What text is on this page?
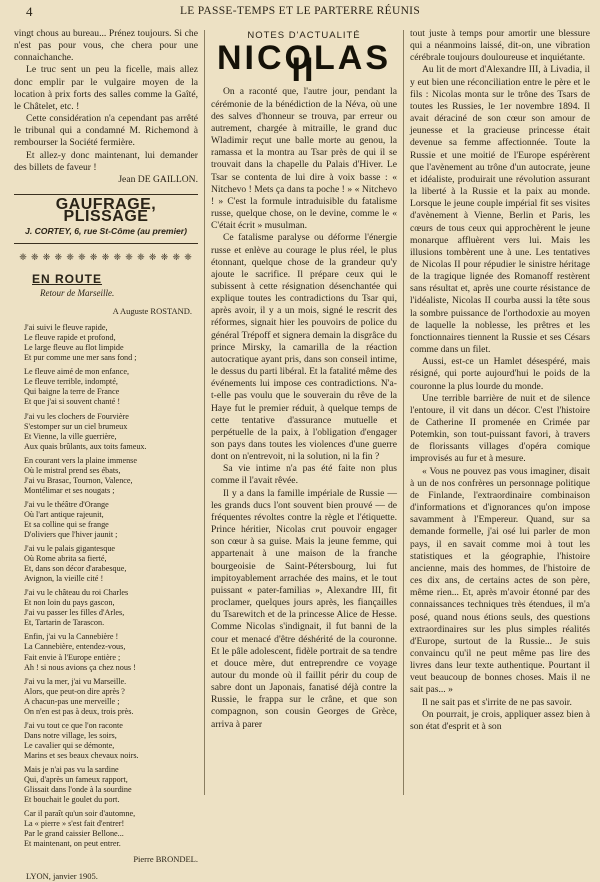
4	LE PASSE-TEMPS ET LE PARTERRE RÉUNIS

vingt chous au bureau... Prénez toujours. Si che n'est pas pour vous, che chera pour une connaichanche.

Le truc sent un peu la ficelle, mais allez donc emplir par le vulgaire moyen de la location à prix forts des salles comme la Gaîté, le Châtelet, etc. !

Cette considération n'a cependant pas arrêté le tribunal qui a condamné M. Richemond à rembourser la Société fermière.

Et allez-y donc maintenant, lui demander des billets de faveur !

Jean DE GAILLON.

GAUFRAGE, PLISSAGE
J. CORTEY, 6, rue St-Côme (au premier)
❈ ❈ ❈ ❈ ❈ ❈ ❈ ❈ ❈ ❈ ❈ ❈ ❈ ❈ ❈
EN ROUTE
Retour de Marseille.
A Auguste ROSTAND.
J'ai suivi le fleuve rapide,
Le fleuve rapide et profond,
Le large fleuve au flot limpide
Et pur comme une mer sans fond ;
Le fleuve aimé de mon enfance,
Le fleuve terrible, indompté,
Qui baigne la terre de France
Et que j'ai si souvent chanté !
J'ai vu les clochers de Fourvière
S'estomper sur un ciel brumeux
Et Vienne, la ville guerrière,
Aux quais brûlants, aux toits fameux.
En courant vers la plaine immense
Où le mistral prend ses ébats,
J'ai vu Brasac, Tournon, Valence,
Montélimar et ses nougats ;
J'ai vu le théâtre d'Orange
Où l'art antique rajeunit,
Et sa colline qui se frange
D'oliviers que l'hiver jaunit ;
J'ai vu le palais gigantesque
Où Rome abrita sa fierté,
Et, dans son décor d'arabesque,
Avignon, la vieille cité !
J'ai vu le château du roi Charles
Et non loin du pays gascon,
J'ai vu passer les filles d'Arles,
Et, Tartarin de Tarascon.
Enfin, j'ai vu la Cannebière !
La Cannebière, entendez-vous,
Fait envie à l'Europe entière ;
Ah ! si nous avions ça chez nous !
J'ai vu la mer, j'ai vu Marseille.
Alors, que peut-on dire après ?
A chacun-pas une merveille ;
On n'en est pas à deux, trois près.
J'ai vu tout ce que l'on raconte
Dans notre village, les soirs,
Le cavalier qui se démonte,
Marins et ses beaux chevaux noirs.
Mais je n'ai pas vu la sardine
Qui, d'après un fameux rapport,
Glissait dans l'onde à la sourdine
Et bouchait le goulet du port.
Car il paraît qu'un soir d'automne,
La « pierre » s'est fait d'entrer!
Par le grand caissier Bellone...
Et maintenant, on peut entrer.
Pierre BRONDEL.
LYON, janvier 1905.
NOTES D'ACTUALITÉ
NICOLAS II

On a raconté que, l'autre jour, pendant la cérémonie de la bénédiction de la Néva, où une des salves d'honneur se trouva, par erreur ou autrement, chargée à mitraille, le grand duc Wladimir reçut une balle morte au genou, la ramassa et la montra au Tsar près de qui il se trouvait dans la chapelle du Palais d'Hiver. Le Tsar se contenta de lui dire à voix basse : « Nitchevo ! Mets ça dans ta poche ! » « Nitchevo ! » C'est la formule intraduisible du fatalisme russe, quelque chose, on le devine, comme le « C'était écrit » musulman.

Ce fatalisme paralyse ou déforme l'énergie russe et enlève au courage le plus réel, le plus étonnant, quelque chose de la grandeur qu'y ajoute le sacrifice. Il prépare ceux qui le subissent à cette résignation désenchantée qui explique toutes les contradictions du Tsar qui, après avoir, il y a un mois, signé le rescrit des réformes, signait hier les pouvoirs de police du général Trépoff et signera demain la disgrâce du prince Mirsky, la camarilla de la réaction autocratique ayant pris, dans son conseil intime, le dessus du parti libéral. Et la fatalité même des événements lui impose ces contradictions. N'a-t-elle pas voulu que le souverain du rêve de la Haye fut le premier réduit, à quelque temps de cette tentative d'assurance mutuelle et perpétuelle de la paix, à l'obligation d'engager son pays dans toutes les violences d'une guerre dont on n'entrevoit, ni la solution, ni la fin ?

Sa vie intime n'a pas été faite non plus comme il l'avait rêvée.

Il y a dans la famille impériale de Russie — les grands ducs l'ont souvent bien prouvé — de fréquentes révoltes contre la règle et l'étiquette. Prince héritier, Nicolas crut pouvoir engager son cœur à sa guise. Mais la jeune femme, qui appartenait à une maison de la franche bourgeoisie de Saint-Pétersbourg, lui fut impitoyablement arrachée des mains, et le tout puissant « pater-familias », Alexandre III, fit proclamer, quelques jours après, les fiançailles du Tsarewitch et de la princesse Alice de Hesse. Comme Nicolas s'indignait, il fut banni de la cour et menacé d'être déshérité de la couronne. Et le pâle adolescent, fidèle portrait de sa tendre et douce mère, dut entreprendre ce voyage autour du monde où il faillit périr du coup de sabre dont un Japonais, fanatisé déjà contre la Russie, le frappa sur le crâne, et que son compagnon, son cousin Georges de Grèce, arriva à parer

tout juste à temps pour amortir une blessure qui a néanmoins laissé, dit-on, une vibration cérébrale toujours douloureuse et inquiétante.

Au lit de mort d'Alexandre III, à Livadia, il y eut bien une réconciliation entre le père et le fils : Nicolas monta sur le trône des Tsars de toutes les Russies, le 1er novembre 1894. Il avait déraciné de son cœur son amour de jeunesse et la gracieuse princesse était devenue sa femme affectionnée. Toute la Russie et une moitié de l'Europe espérèrent que l'avènement au trône d'un autocrate, jeune et idéaliste, produirait une révolution assurant la liberté à la Russie et la paix au monde. Lorsque le jeune couple impérial fit ses visites d'avènement à Vienne, Berlin et Paris, les cœurs de tous ceux qui approchèrent le jeune monarque affluèrent vers lui. Mais les illusions tombèrent une à une. Les tentatives de Nicolas II pour répudier le sinistre héritage de la tragique lignée des Romanoff restèrent sans résultat et, après une courte résistance de l'idéaliste, Nicolas II courba aussi la tête sous la sombre puissance de l'orthodoxie au moyen de laquelle la noblesse, les prêtres et les fonctionnaires tiennent la Russie et ses Césars comme dans un filet.

Aussi, est-ce un Hamlet désespéré, mais résigné, qui porte aujourd'hui le poids de la couronne la plus lourde du monde.

Une terrible barrière de nuit et de silence l'entoure, il vit dans un décor. C'est l'histoire de Catherine II promenée en Crimée par Potemkin, son tout-puissant favori, à travers de florissants villages d'opéra comique improvisés au fur et à mesure.

« Vous ne pouvez pas vous imaginer, disait à un de nos confrères un personnage politique de Finlande, l'extraordinaire combinaison d'informations et d'ignorances qu'on impose savamment à l'Empereur. Quand, sur sa demande formelle, j'ai osé lui parler de mon pays, il en savait comme moi à tout les statistiques et la géographie, l'histoire ancienne, mais des hommes, de l'histoire de ces dix ans, de certains actes de son père, même rien... Et, après m'avoir étonné par des connaissances techniques très étendues, il m'a posé, quand nous étions seuls, des questions extraordinaires sur les plus simples réalités d'Europe, surtout de la Russie... Je suis convaincu qu'il ne peut même pas lire des livres dans leur texte authentique. Pourtant il veut beaucoup de bonnes choses. Mais il ne sait pas... »

Il ne sait pas et s'irrite de ne pas savoir.

On pourrait, je crois, appliquer assez bien à son état d'esprit et à son
